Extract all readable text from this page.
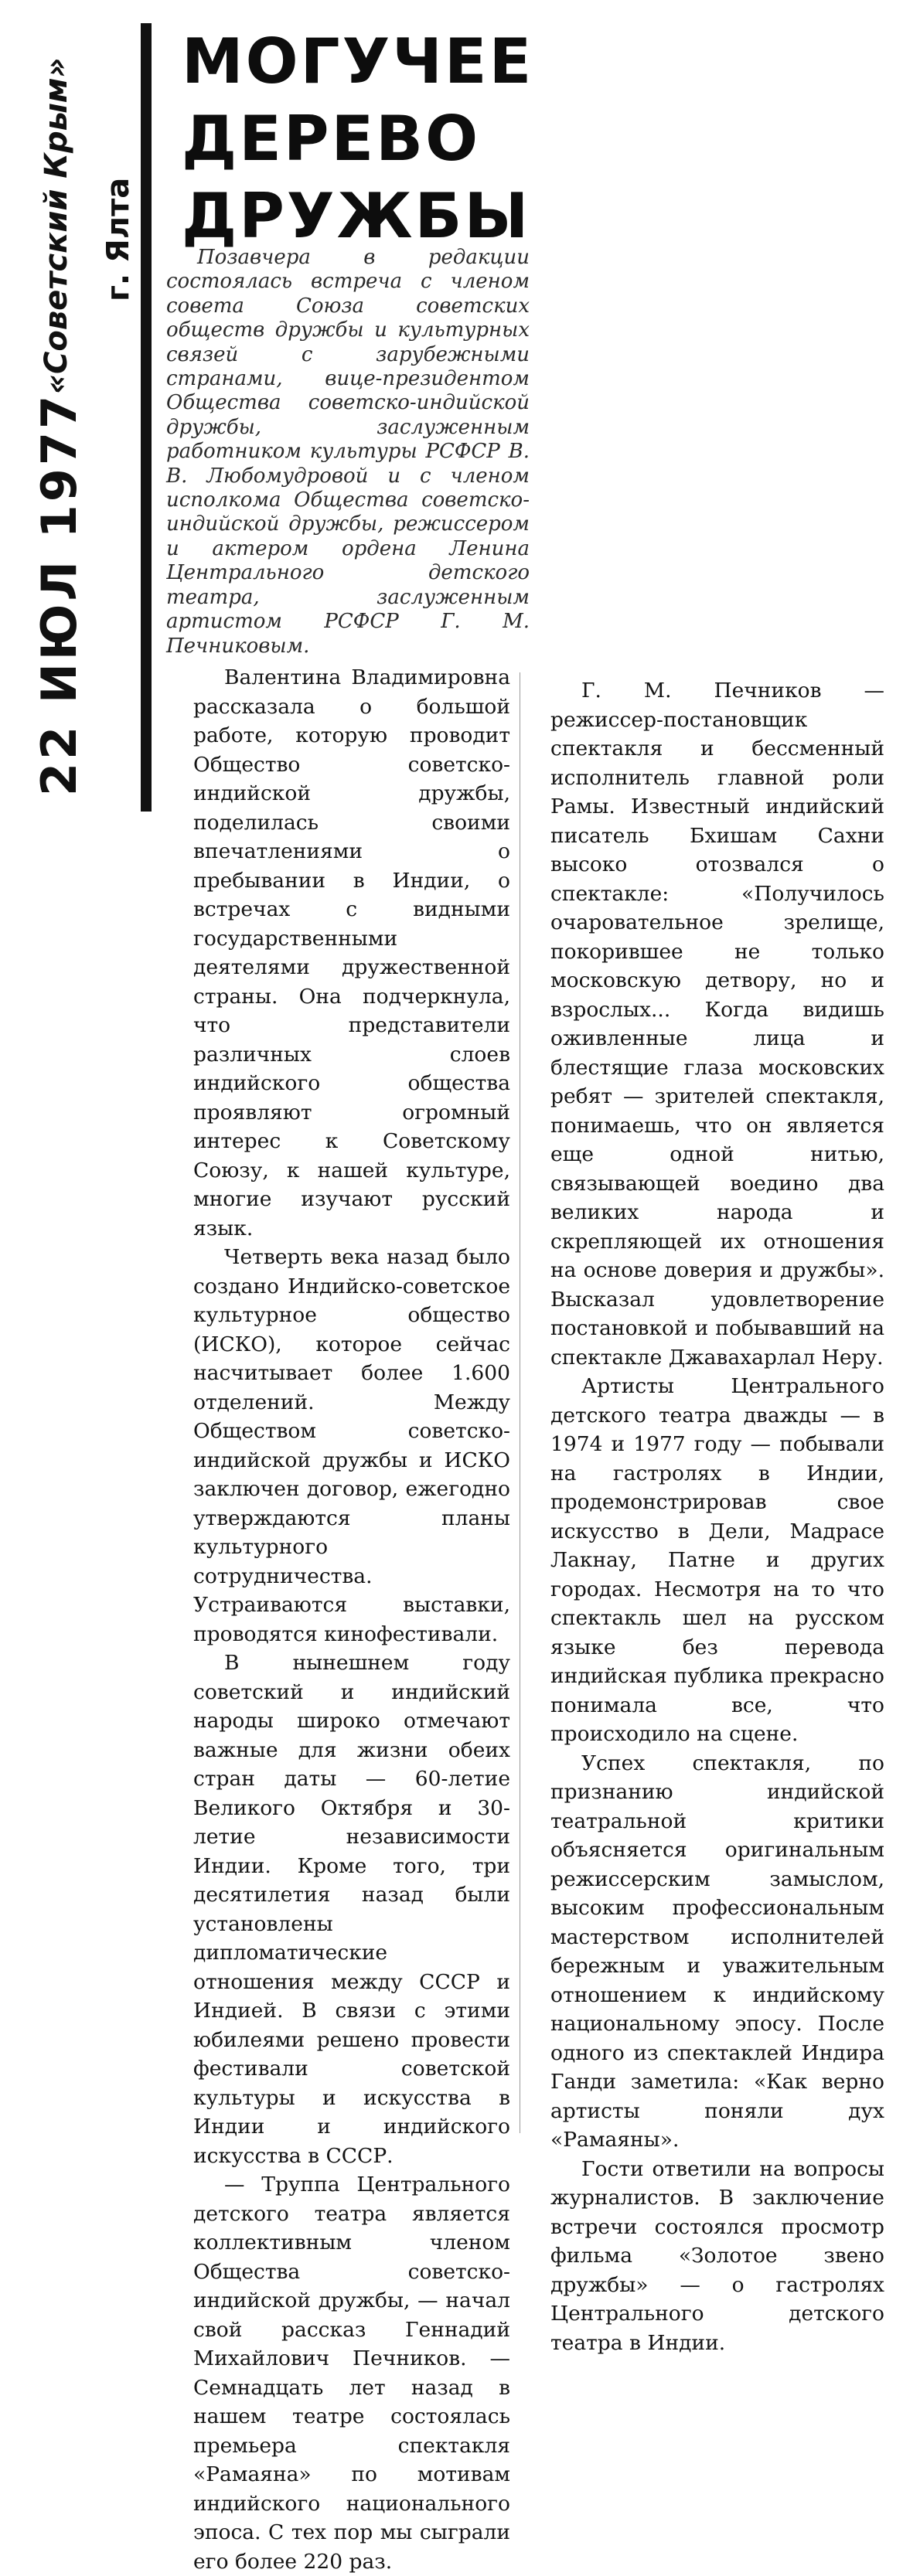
22 ИЮЛ 1977
«Советский Крым» г. Ялта
МОГУЧЕЕ
ДЕРЕВО
ДРУЖБЫ

Позавчера в редакции состоялась встреча с членом совета Союза советских обществ дружбы и культурных связей с зарубежными странами, вице-президентом Общества советско-индийской дружбы, заслуженным работником культуры РСФСР В. В. Любомудровой и с членом исполкома Общества советско-индийской дружбы, режиссером и актером ордена Ленина Центрального детского театра, заслуженным артистом РСФСР Г. М. Печниковым.

Валентина Владимировна рассказала о большой работе, которую проводит Общество советско-индийской дружбы, поделилась своими впечатлениями о пребывании в Индии, о встречах с видными государственными деятелями дружественной страны. Она подчеркнула, что представители различных слоев индийского общества проявляют огромный интерес к Советскому Союзу, к нашей культуре, многие изучают русский язык.

Четверть века назад было создано Индийско-советское культурное общество (ИСКО), которое сейчас насчитывает более 1.600 отделений. Между Обществом советско-индийской дружбы и ИСКО заключен договор, ежегодно утверждаются планы культурного сотрудничества. Устраиваются выставки, проводятся кинофестивали.

В нынешнем году советский и индийский народы широко отмечают важные для жизни обеих стран даты — 60-летие Великого Октября и 30-летие независимости Индии. Кроме того, три десятилетия назад были установлены дипломатические отношения между СССР и Индией. В связи с этими юбилеями решено провести фестивали советской культуры и искусства в Индии и индийского искусства в СССР.

— Труппа Центрального детского театра является коллективным членом Общества советско-индийской дружбы, — начал свой рассказ Геннадий Михайлович Печников. — Семнадцать лет назад в нашем театре состоялась премьера спектакля «Рамаяна» по мотивам индийского национального эпоса. С тех пор мы сыграли его более 220 раз.

Г. М. Печников — режиссер-постановщик спектакля и бессменный исполнитель главной роли Рамы. Известный индийский писатель Бхишам Сахни высоко отозвался о спектакле: «Получилось очаровательное зрелище, покорившее не только московскую детвору, но и взрослых... Когда видишь оживленные лица и блестящие глаза московских ребят — зрителей спектакля, понимаешь, что он является еще одной нитью, связывающей воедино два великих народа и скрепляющей их отношения на основе доверия и дружбы». Высказал удовлетворение постановкой и побывавший на спектакле Джавахарлал Неру.

Артисты Центрального детского театра дважды — в 1974 и 1977 году — побывали на гастролях в Индии, продемонстрировав свое искусство в Дели, Мадрасе Лакнау, Патне и других городах. Несмотря на то что спектакль шел на русском языке без перевода индийская публика прекрасно понимала все, что происходило на сцене.

Успех спектакля, по признанию индийской театральной критики объясняется оригинальным режиссерским замыслом, высоким профессиональным мастерством исполнителей бережным и уважительным отношением к индийскому национальному эпосу. После одного из спектаклей Индира Ганди заметила: «Как верно артисты поняли дух «Рамаяны».

Гости ответили на вопросы журналистов. В заключение встречи состоялся просмотр фильма «Золотое звено дружбы» — о гастролях Центрального детского театра в Индии.
